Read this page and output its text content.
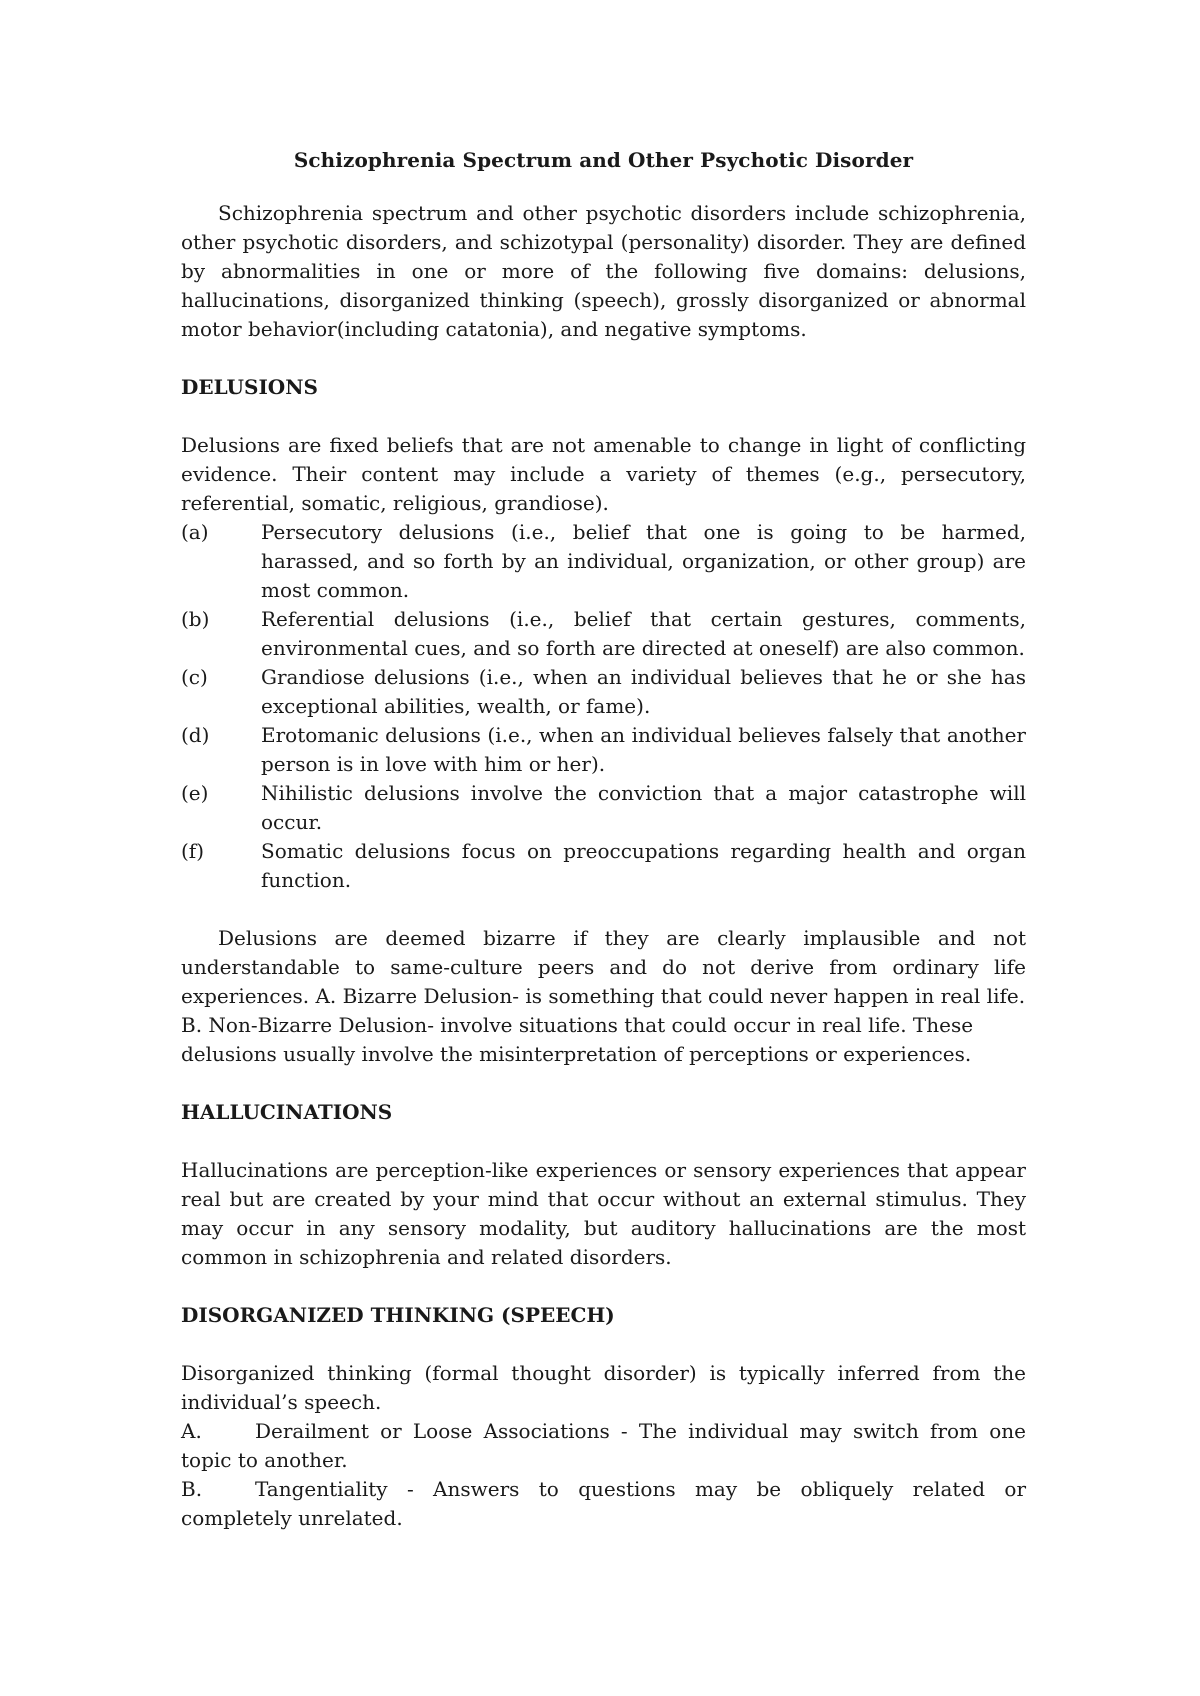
Schizophrenia Spectrum and Other Psychotic Disorder

Schizophrenia spectrum and other psychotic disorders include schizophrenia, other psychotic disorders, and schizotypal (personality) disorder. They are defined by abnormalities in one or more of the following five domains: delusions, hallucinations, disorganized thinking (speech), grossly disorganized or abnormal motor behavior(including catatonia), and negative symptoms.

DELUSIONS

Delusions are fixed beliefs that are not amenable to change in light of conflicting evidence. Their content may include a variety of themes (e.g., persecutory, referential, somatic, religious, grandiose).

(a)	Persecutory delusions (i.e., belief that one is going to be harmed, harassed, and so forth by an individual, organization, or other group) are most common.
(b)	Referential delusions (i.e., belief that certain gestures, comments, environmental cues, and so forth are directed at oneself) are also common.
(c)	Grandiose delusions (i.e., when an individual believes that he or she has exceptional abilities, wealth, or fame).
(d)	Erotomanic delusions (i.e., when an individual believes falsely that another person is in love with him or her).
(e)	Nihilistic delusions involve the conviction that a major catastrophe will occur.
(f)	Somatic delusions focus on preoccupations regarding health and organ function.

Delusions are deemed bizarre if they are clearly implausible and not understandable to same-culture peers and do not derive from ordinary life experiences. A. Bizarre Delusion- is something that could never happen in real life.

B. Non-Bizarre Delusion- involve situations that could occur in real life. These

delusions usually involve the misinterpretation of perceptions or experiences.

HALLUCINATIONS

Hallucinations are perception-like experiences or sensory experiences that appear real but are created by your mind that occur without an external stimulus. They may occur in any sensory modality, but auditory hallucinations are the most common in schizophrenia and related disorders.

DISORGANIZED THINKING (SPEECH)

Disorganized thinking (formal thought disorder) is typically inferred from the individual’s speech.

A.	Derailment or Loose Associations - The individual may switch from one topic to another.
B.	Tangentiality - Answers to questions may be obliquely related or completely unrelated.
